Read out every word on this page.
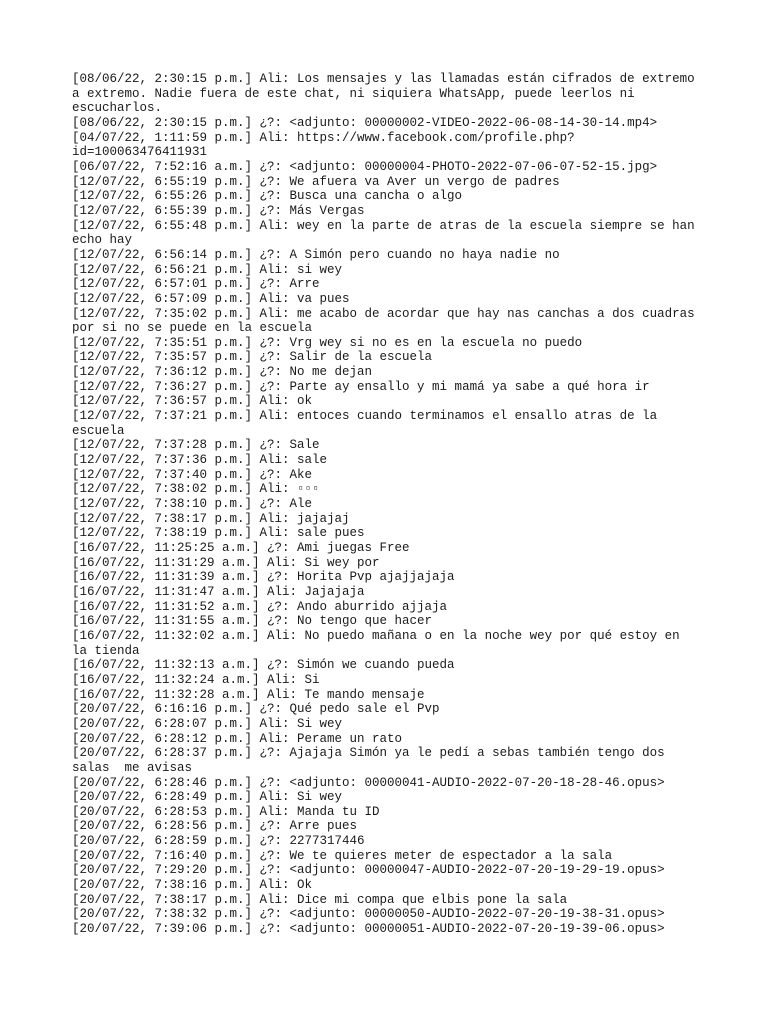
[08/06/22, 2:30:15 p.m.] Ali: Los mensajes y las llamadas están cifrados de extremo a extremo. Nadie fuera de este chat, ni siquiera WhatsApp, puede leerlos ni escucharlos.

[08/06/22, 2:30:15 p.m.] ¿?: <adjunto: 00000002-VIDEO-2022-06-08-14-30-14.mp4>

[04/07/22, 1:11:59 p.m.] Ali: https://www.facebook.com/profile.php?
id=100063476411931

[06/07/22, 7:52:16 a.m.] ¿?: <adjunto: 00000004-PHOTO-2022-07-06-07-52-15.jpg>

[12/07/22, 6:55:19 p.m.] ¿?: We afuera va Aver un vergo de padres

[12/07/22, 6:55:26 p.m.] ¿?: Busca una cancha o algo

[12/07/22, 6:55:39 p.m.] ¿?: Más Vergas

[12/07/22, 6:55:48 p.m.] Ali: wey en la parte de atras de la escuela siempre se han echo hay

[12/07/22, 6:56:14 p.m.] ¿?: A Simón pero cuando no haya nadie no

[12/07/22, 6:56:21 p.m.] Ali: si wey

[12/07/22, 6:57:01 p.m.] ¿?: Arre

[12/07/22, 6:57:09 p.m.] Ali: va pues

[12/07/22, 7:35:02 p.m.] Ali: me acabo de acordar que hay nas canchas a dos cuadras por si no se puede en la escuela

[12/07/22, 7:35:51 p.m.] ¿?: Vrg wey si no es en la escuela no puedo

[12/07/22, 7:35:57 p.m.] ¿?: Salir de la escuela

[12/07/22, 7:36:12 p.m.] ¿?: No me dejan

[12/07/22, 7:36:27 p.m.] ¿?: Parte ay ensallo y mi mamá ya sabe a qué hora ir

[12/07/22, 7:36:57 p.m.] Ali: ok

[12/07/22, 7:37:21 p.m.] Ali: entoces cuando terminamos el ensallo atras de la escuela

[12/07/22, 7:37:28 p.m.] ¿?: Sale

[12/07/22, 7:37:36 p.m.] Ali: sale

[12/07/22, 7:37:40 p.m.] ¿?: Ake

[12/07/22, 7:38:02 p.m.] Ali: ▫▫▫

[12/07/22, 7:38:10 p.m.] ¿?: Ale

[12/07/22, 7:38:17 p.m.] Ali: jajajaj

[12/07/22, 7:38:19 p.m.] Ali: sale pues

[16/07/22, 11:25:25 a.m.] ¿?: Ami juegas Free

[16/07/22, 11:31:29 a.m.] Ali: Si wey por

[16/07/22, 11:31:39 a.m.] ¿?: Horita Pvp ajajjajaja

[16/07/22, 11:31:47 a.m.] Ali: Jajajaja

[16/07/22, 11:31:52 a.m.] ¿?: Ando aburrido ajjaja

[16/07/22, 11:31:55 a.m.] ¿?: No tengo que hacer

[16/07/22, 11:32:02 a.m.] Ali: No puedo mañana o en la noche wey por qué estoy en la tienda

[16/07/22, 11:32:13 a.m.] ¿?: Simón we cuando pueda

[16/07/22, 11:32:24 a.m.] Ali: Si

[16/07/22, 11:32:28 a.m.] Ali: Te mando mensaje

[20/07/22, 6:16:16 p.m.] ¿?: Qué pedo sale el Pvp

[20/07/22, 6:28:07 p.m.] Ali: Si wey

[20/07/22, 6:28:12 p.m.] Ali: Perame un rato

[20/07/22, 6:28:37 p.m.] ¿?: Ajajaja Simón ya le pedí a sebas también tengo dos salas  me avisas

[20/07/22, 6:28:46 p.m.] ¿?: <adjunto: 00000041-AUDIO-2022-07-20-18-28-46.opus>

[20/07/22, 6:28:49 p.m.] Ali: Si wey

[20/07/22, 6:28:53 p.m.] Ali: Manda tu ID

[20/07/22, 6:28:56 p.m.] ¿?: Arre pues

[20/07/22, 6:28:59 p.m.] ¿?: 2277317446

[20/07/22, 7:16:40 p.m.] ¿?: We te quieres meter de espectador a la sala

[20/07/22, 7:29:20 p.m.] ¿?: <adjunto: 00000047-AUDIO-2022-07-20-19-29-19.opus>

[20/07/22, 7:38:16 p.m.] Ali: Ok

[20/07/22, 7:38:17 p.m.] Ali: Dice mi compa que elbis pone la sala

[20/07/22, 7:38:32 p.m.] ¿?: <adjunto: 00000050-AUDIO-2022-07-20-19-38-31.opus>

[20/07/22, 7:39:06 p.m.] ¿?: <adjunto: 00000051-AUDIO-2022-07-20-19-39-06.opus>
